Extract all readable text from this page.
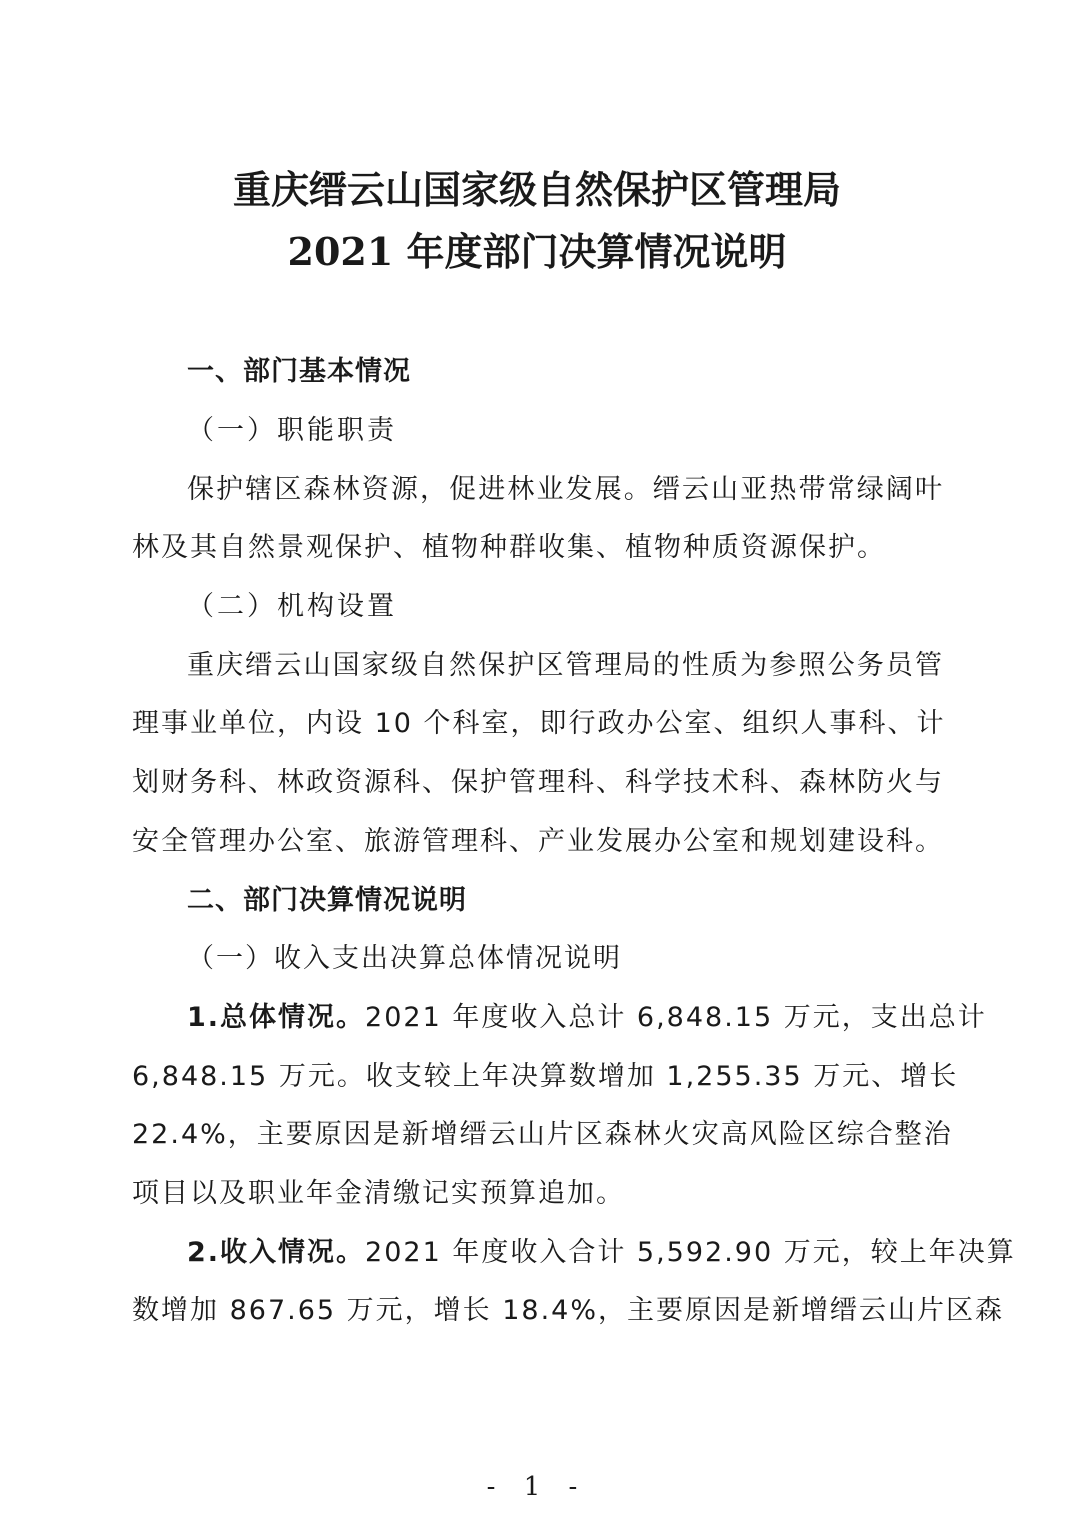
重庆缙云山国家级自然保护区管理局
2021 年度部门决算情况说明
一、部门基本情况
（一）职能职责
保护辖区森林资源，促进林业发展。缙云山亚热带常绿阔叶
林及其自然景观保护、植物种群收集、植物种质资源保护。
（二）机构设置
重庆缙云山国家级自然保护区管理局的性质为参照公务员管
理事业单位，内设 10 个科室，即行政办公室、组织人事科、计
划财务科、林政资源科、保护管理科、科学技术科、森林防火与
安全管理办公室、旅游管理科、产业发展办公室和规划建设科。
二、部门决算情况说明
（一）收入支出决算总体情况说明
1.总体情况。2021 年度收入总计 6,848.15 万元，支出总计
6,848.15 万元。收支较上年决算数增加 1,255.35 万元、增长
22.4%，主要原因是新增缙云山片区森林火灾高风险区综合整治
项目以及职业年金清缴记实预算追加。
2.收入情况。2021 年度收入合计 5,592.90 万元，较上年决算
数增加 867.65 万元，增长 18.4%，主要原因是新增缙云山片区森
- 1 -
